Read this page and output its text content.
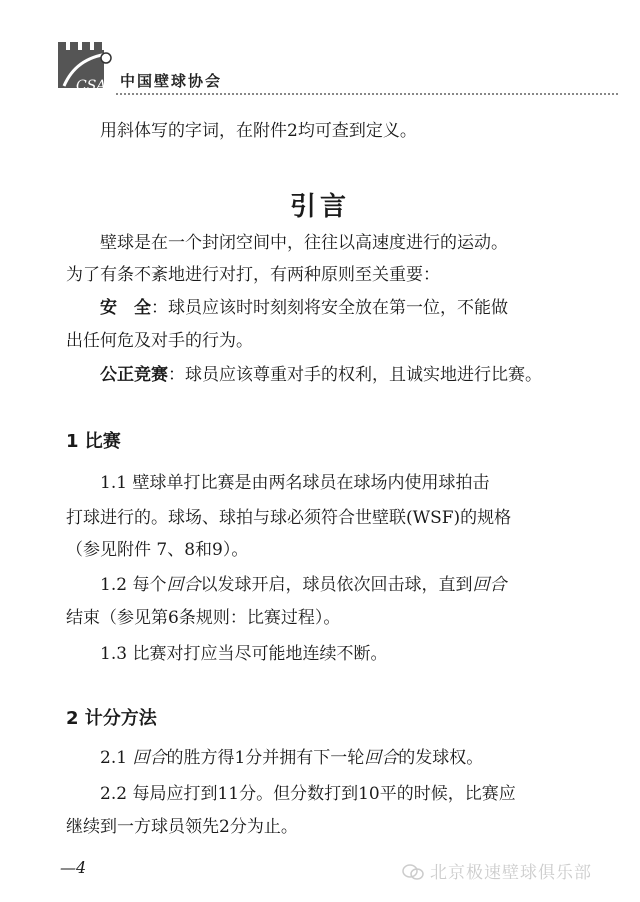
CSA 中国壁球协会
用斜体写的字词，在附件2均可查到定义。
引言
壁球是在一个封闭空间中，往往以高速度进行的运动。
为了有条不紊地进行对打，有两种原则至关重要：
安　全：球员应该时时刻刻将安全放在第一位，不能做
出任何危及对手的行为。
公正竞赛：球员应该尊重对手的权利，且诚实地进行比赛。
1 比赛
1.1 壁球单打比赛是由两名球员在球场内使用球拍击
打球进行的。球场、球拍与球必须符合世壁联(WSF)的规格
（参见附件 7、8和9）。
1.2 每个回合以发球开启，球员依次回击球，直到回合
结束（参见第6条规则：比赛过程）。
1.3 比赛对打应当尽可能地连续不断。
2 计分方法
2.1 回合的胜方得1分并拥有下一轮回合的发球权。
2.2 每局应打到11分。但分数打到10平的时候，比赛应
继续到一方球员领先2分为止。
—4	北京极速壁球俱乐部
